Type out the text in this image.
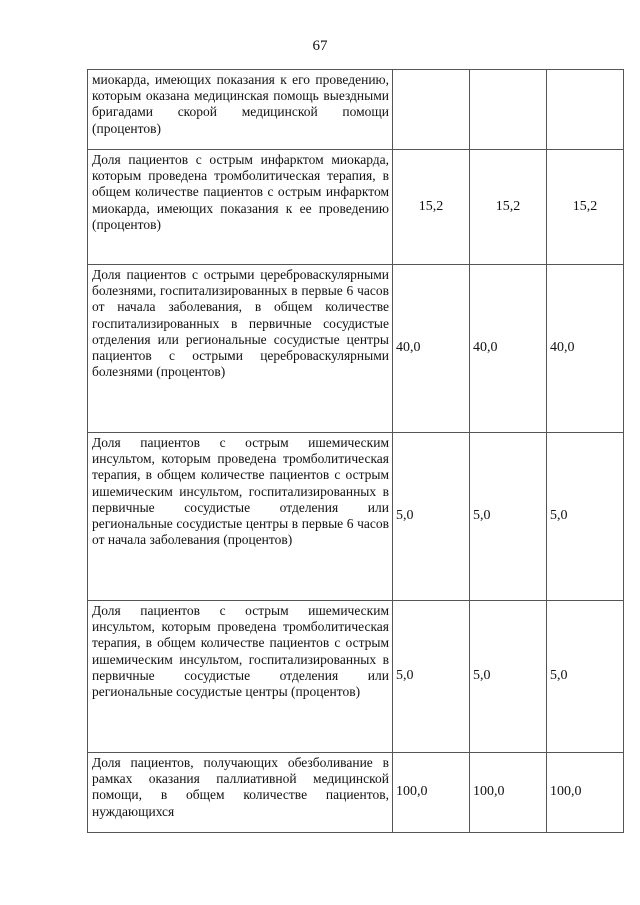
67
миокарда, имеющих показания к его проведению, которым оказана медицинская помощь выездными бригадами скорой медицинской помощи (процентов)			
Доля пациентов с острым инфарктом миокарда, которым проведена тромболитическая терапия, в общем количестве пациентов с острым инфарктом миокарда, имеющих показания к ее проведению (процентов)	15,2	15,2	15,2
Доля пациентов с острыми цереброваскулярными болезнями, госпитализированных в первые 6 часов от начала заболевания, в общем количестве госпитализированных в первичные сосудистые отделения или региональные сосудистые центры пациентов с острыми цереброваскулярными болезнями (процентов)	40,0	40,0	40,0
Доля пациентов с острым ишемическим инсультом, которым проведена тромболитическая терапия, в общем количестве пациентов с острым ишемическим инсультом, госпитализированных в первичные сосудистые отделения или региональные сосудистые центры в первые 6 часов от начала заболевания (процентов)	5,0	5,0	5,0
Доля пациентов с острым ишемическим инсультом, которым проведена тромболитическая терапия, в общем количестве пациентов с острым ишемическим инсультом, госпитализированных в первичные сосудистые отделения или региональные сосудистые центры (процентов)	5,0	5,0	5,0
Доля пациентов, получающих обезболивание в рамках оказания паллиативной медицинской помощи, в общем количестве пациентов, нуждающихся	100,0	100,0	100,0
